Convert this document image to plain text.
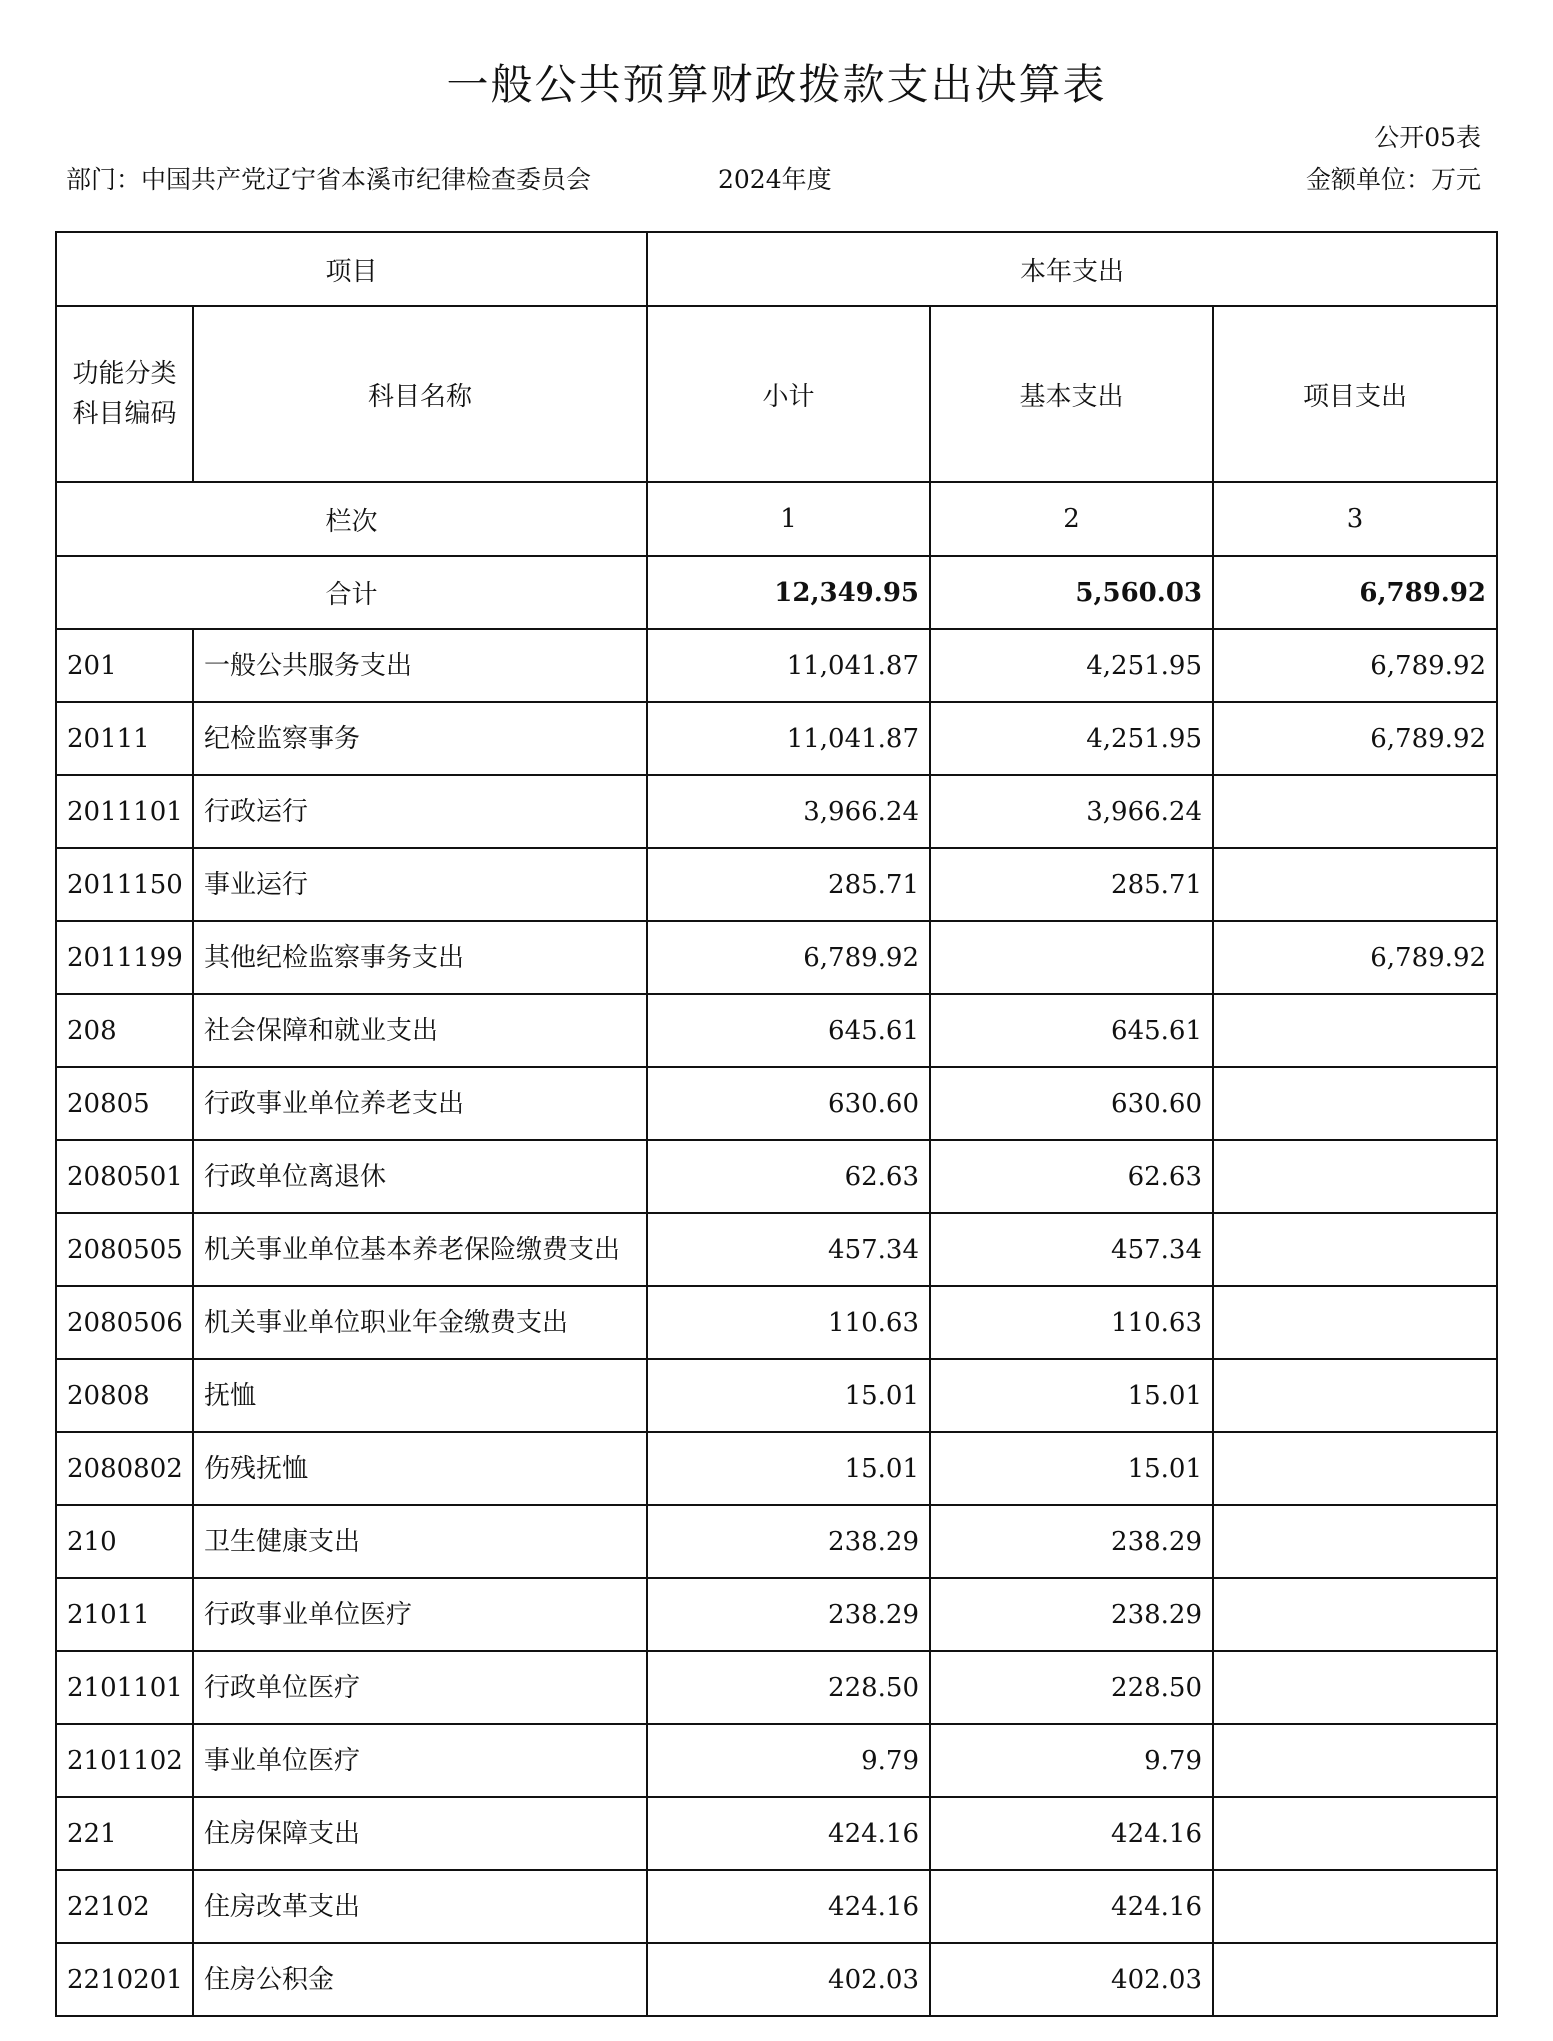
一般公共预算财政拨款支出决算表
公开05表
部门：中国共产党辽宁省本溪市纪律检查委员会	2024年度	金额单位：万元
项目		本年支出		
功能分类
科目编码	科目名称	小计	基本支出	项目支出
栏次		1	2	3
合计		12,349.95	5,560.03	6,789.92
201	一般公共服务支出	11,041.87	4,251.95	6,789.92
20111	纪检监察事务	11,041.87	4,251.95	6,789.92
2011101	行政运行	3,966.24	3,966.24	
2011150	事业运行	285.71	285.71	
2011199	其他纪检监察事务支出	6,789.92		6,789.92
208	社会保障和就业支出	645.61	645.61	
20805	行政事业单位养老支出	630.60	630.60	
2080501	行政单位离退休	62.63	62.63	
2080505	机关事业单位基本养老保险缴费支出	457.34	457.34	
2080506	机关事业单位职业年金缴费支出	110.63	110.63	
20808	抚恤	15.01	15.01	
2080802	伤残抚恤	15.01	15.01	
210	卫生健康支出	238.29	238.29	
21011	行政事业单位医疗	238.29	238.29	
2101101	行政单位医疗	228.50	228.50	
2101102	事业单位医疗	9.79	9.79	
221	住房保障支出	424.16	424.16	
22102	住房改革支出	424.16	424.16	
2210201	住房公积金	402.03	402.03	
